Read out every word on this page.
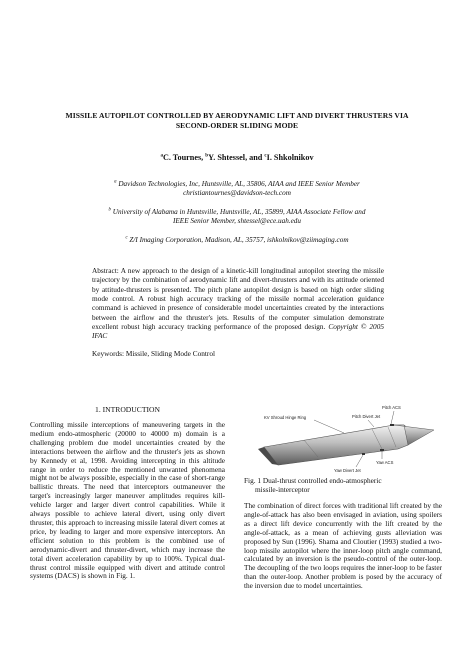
MISSILE AUTOPILOT CONTROLLED BY AERODYNAMIC LIFT AND DIVERT THRUSTERS VIA
SECOND-ORDER SLIDING MODE
$^a$C. Tournes, $^b$Y. Shtessel, and $^c$I. Shkolnikov
$^a$ Davidson Technologies, Inc, Huntsville, AL, 35806, AIAA and IEEE Senior Member
christiantournes@davidson-tech.com
$^b$ University of Alabama in Huntsville, Huntsville, AL, 35899, AIAA Associate Fellow and
IEEE Senior Member, shtessel@ece.uah.edu
$^c$ Z/I Imaging Corporation, Madison, AL, 35757, ishkolnikov@ziimaging.com
Abstract: A new approach to the design of a kinetic-kill longitudinal autopilot steering the missile trajectory by the combination of aerodynamic lift and divert-thrusters and with its attitude oriented by attitude-thrusters is presented. The pitch plane autopilot design is based on high order sliding mode control. A robust high accuracy tracking of the missile normal acceleration guidance command is achieved in presence of considerable model uncertainties created by the interactions between the airflow and the thruster's jets. Results of the computer simulation demonstrate excellent robust high accuracy tracking performance of the proposed design. Copyright © 2005 IFAC
Keywords: Missile, Sliding Mode Control
1. INTRODUCTION
Controlling missile interceptions of maneuvering targets in the medium endo-atmospheric (20000 to 40000 m) domain is a challenging problem due model uncertainties created by the interactions between the airflow and the thruster's jets as shown by Kennedy et al, 1998. Avoiding intercepting in this altitude range in order to reduce the mentioned unwanted phenomena might not be always possible, especially in the case of short-range ballistic threats. The need that interceptors outmaneuver the target's increasingly larger maneuver amplitudes requires kill-vehicle larger and larger divert control capabilities. While it always possible to achieve lateral divert, using only divert thruster, this approach to increasing missile lateral divert comes at price, by leading to larger and more expensive interceptors. An efficient solution to this problem is the combined use of aerodynamic-divert and thruster-divert, which may increase the total divert acceleration capability by up to 100%. Typical dual-thrust control missile equipped with divert and attitude control systems (DACS) is shown in Fig. 1.
Pitch ACS
Pitch Divert Jet
KV Shroud Hinge Ring
Yaw ACS
Yaw Divert Jet
Fig. 1 Dual-thrust controlled endo-atmospheric
missile-interceptor
The combination of direct forces with traditional lift created by the angle-of-attack has also been envisaged in aviation, using spoilers as a direct lift device concurrently with the lift created by the angle-of-attack, as a mean of achieving gusts alleviation was proposed by Sun (1996). Shama and Cloutier (1993) studied a two-loop missile autopilot where the inner-loop pitch angle command, calculated by an inversion is the pseudo-control of the outer-loop. The decoupling of the two loops requires the inner-loop to be faster than the outer-loop. Another problem is posed by the accuracy of the inversion due to model uncertainties.
